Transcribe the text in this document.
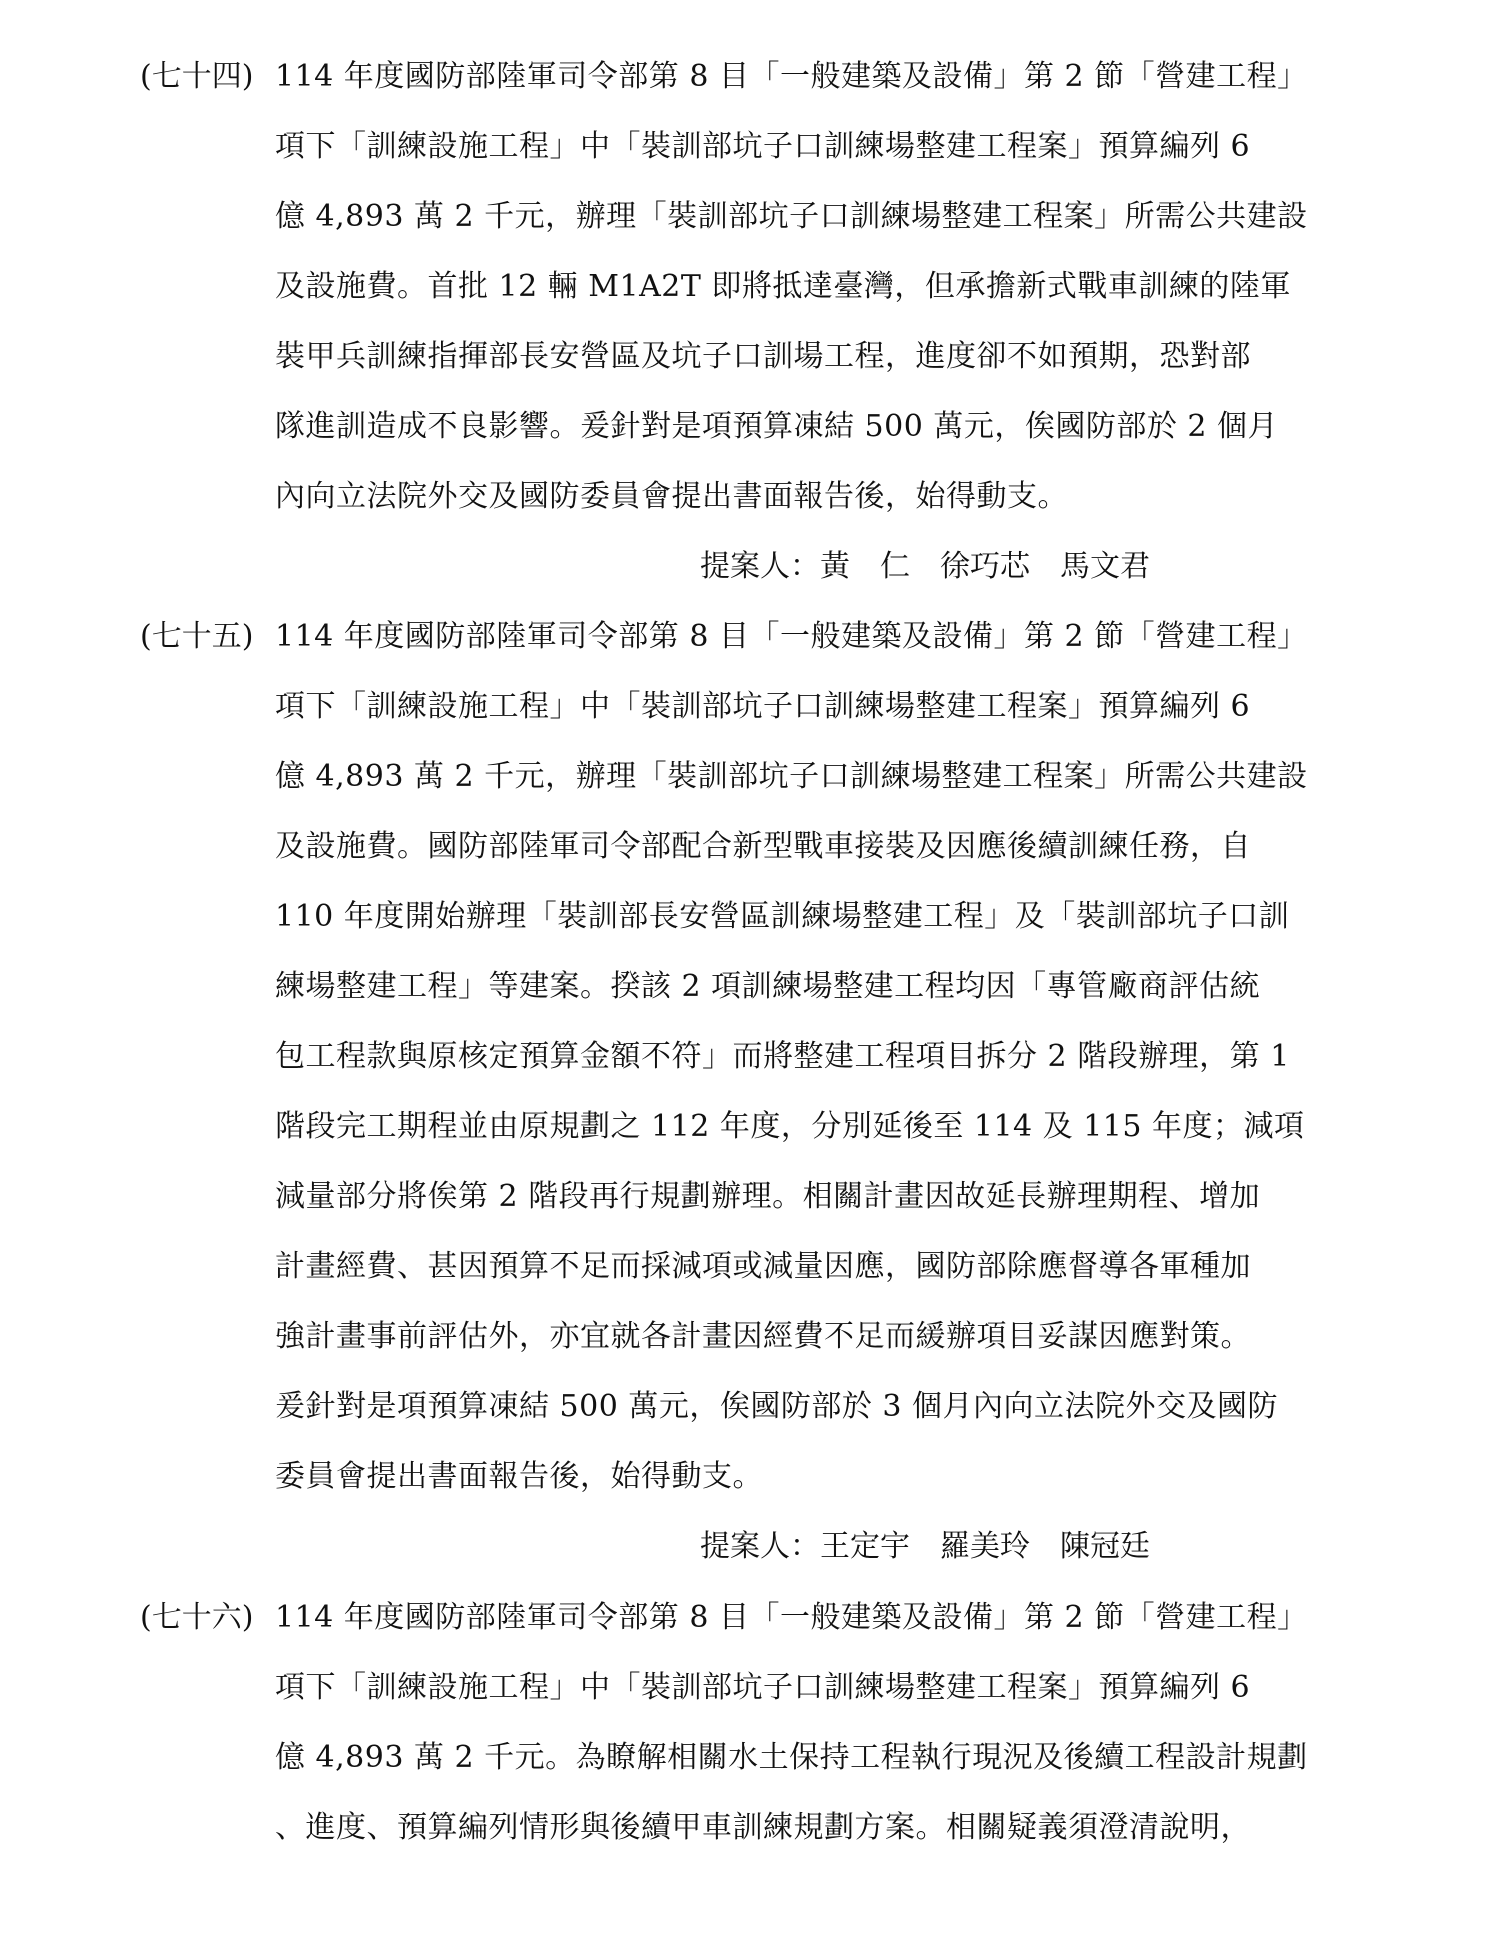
(七十四) 114 年度國防部陸軍司令部第 8 目「一般建築及設備」第 2 節「營建工程」
項下「訓練設施工程」中「裝訓部坑子口訓練場整建工程案」預算編列 6
億 4,893 萬 2 千元，辦理「裝訓部坑子口訓練場整建工程案」所需公共建設
及設施費。首批 12 輛 M1A2T 即將抵達臺灣，但承擔新式戰車訓練的陸軍
裝甲兵訓練指揮部長安營區及坑子口訓場工程，進度卻不如預期，恐對部
隊進訓造成不良影響。爰針對是項預算凍結 500 萬元，俟國防部於 2 個月
內向立法院外交及國防委員會提出書面報告後，始得動支。
提案人：黃　仁　徐巧芯　馬文君
(七十五) 114 年度國防部陸軍司令部第 8 目「一般建築及設備」第 2 節「營建工程」
項下「訓練設施工程」中「裝訓部坑子口訓練場整建工程案」預算編列 6
億 4,893 萬 2 千元，辦理「裝訓部坑子口訓練場整建工程案」所需公共建設
及設施費。國防部陸軍司令部配合新型戰車接裝及因應後續訓練任務，自
110 年度開始辦理「裝訓部長安營區訓練場整建工程」及「裝訓部坑子口訓
練場整建工程」等建案。揆該 2 項訓練場整建工程均因「專管廠商評估統
包工程款與原核定預算金額不符」而將整建工程項目拆分 2 階段辦理，第 1
階段完工期程並由原規劃之 112 年度，分別延後至 114 及 115 年度；減項
減量部分將俟第 2 階段再行規劃辦理。相關計畫因故延長辦理期程、增加
計畫經費、甚因預算不足而採減項或減量因應，國防部除應督導各軍種加
強計畫事前評估外，亦宜就各計畫因經費不足而緩辦項目妥謀因應對策。
爰針對是項預算凍結 500 萬元，俟國防部於 3 個月內向立法院外交及國防
委員會提出書面報告後，始得動支。
提案人：王定宇　羅美玲　陳冠廷
(七十六) 114 年度國防部陸軍司令部第 8 目「一般建築及設備」第 2 節「營建工程」
項下「訓練設施工程」中「裝訓部坑子口訓練場整建工程案」預算編列 6
億 4,893 萬 2 千元。為瞭解相關水土保持工程執行現況及後續工程設計規劃
、進度、預算編列情形與後續甲車訓練規劃方案。相關疑義須澄清說明，
